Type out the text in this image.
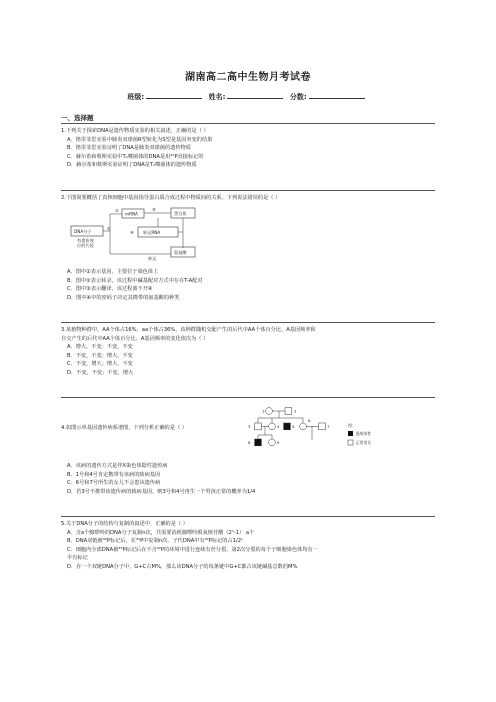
湖南高二高中生物月考试卷
班级:	姓名:	分数:
一、选择题

1.下列关于探索DNA是遗传物质实验的相关叙述，正确的是（ ）

A．格里菲思实验中肺炎双球菌R型转化为S型是基因突变的结果

B．格里菲思实验证明了DNA是肺炎双球菌的遗传物质

C．赫尔希和蔡斯实验中T₂噬菌体的DNA是用³²P直接标记的

D．赫尔希和蔡斯实验证明了DNA是T₂噬菌体的遗传物质

2.下图简要概括了真核细胞中基因指导蛋白质合成过程中物质间的关系。下列说法错误的是（ ）

DNA分子
有遗传效
应的片段
①
②
mRNA
③
蛋白质
转运RNA
④
氨基酸
转运

A．图中①表示基因，主要位于染色体上

B．图中②表示转录，该过程中碱基配对方式中存在T-A配对

C．图中③表示翻译，该过程离不开④

D．图中④中的密码子决定其携带的氨基酸的种类

3.某植物种群中，AA个体占16%，aa个体占36%，该种群随机交配产生的后代中AA个体百分比、A基因频率和

自交产生的后代中AA个体百分比、A基因频率的变化依次为（ ）

A．增大，不变；不变，不变

B．不变，不变；增大，不变

C．不变，增大；增大，不变

D．不变，不变；不变，增大

4.如图示单基因遗传病系谱图，下列分析正确的是（ ）

1	2
3	4	5
6
7
8	9
图：
患病男性
正常男女

A．该病的遗传方式是伴X染色体隐性遗传病

B．1号和4号肯定携带有该病的致病基因

C．6号和7号所生的女儿不会患该遗传病

D．若3号不携带该遗传病的致病基因，则3号和4号再生一个男孩正常的概率为1/4

5.关于DNA分子的结构与复制的叙述中，正确的是（ ）

A．含a个腺嘌呤的DNA分子复制n次，共需要消耗腺嘌呤脱氧核苷酸（2ⁿ-1） a个

B．DNA双链被³²P标记后，在³¹P中复制n次，子代DNA中有³²P标记的占1/2ⁿ

C．细胞内全部DNA被³²P标记后在不含³²P的环境中进行连续有丝分裂，第2次分裂的每个子细胞染色体均有一

半有标记

D．在一个双链DNA分子中，G+C占M%，那么该DNA分子的每条链中G+C都占该链碱基总数的M%
